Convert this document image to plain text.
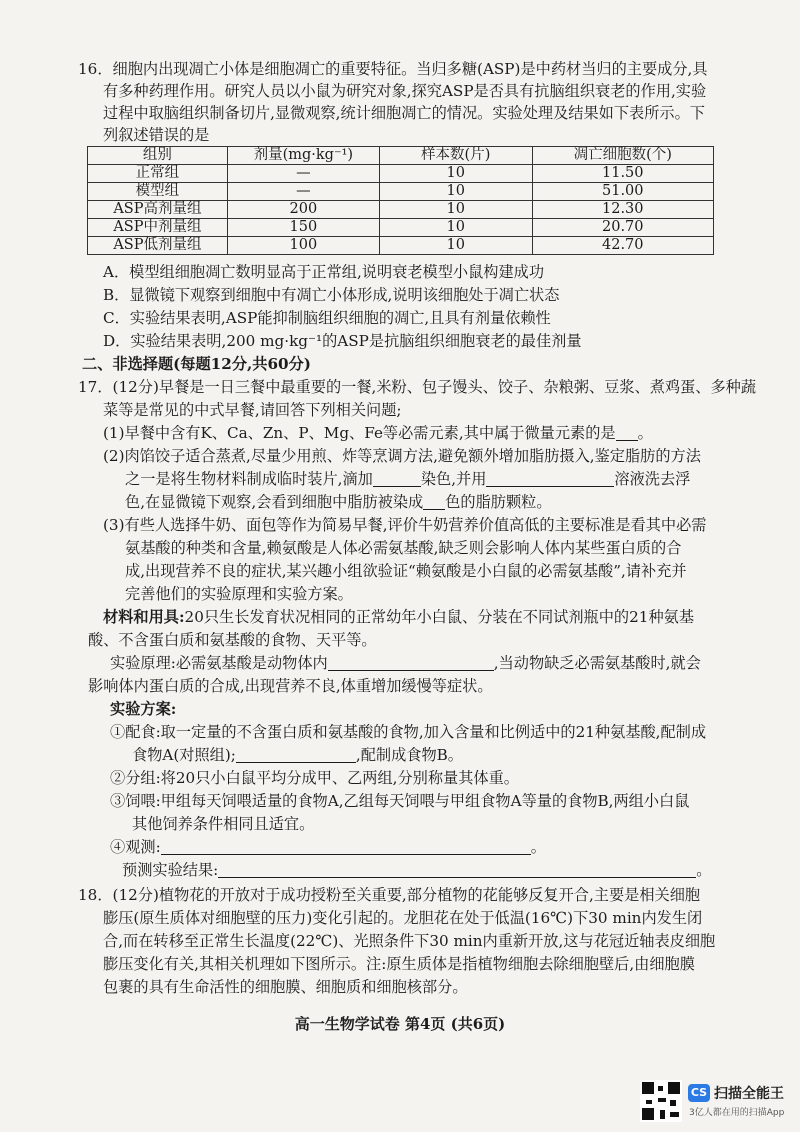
16．细胞内出现凋亡小体是细胞凋亡的重要特征。当归多糖(ASP)是中药材当归的主要成分,具
有多种药理作用。研究人员以小鼠为研究对象,探究ASP是否具有抗脑组织衰老的作用,实验
过程中取脑组织制备切片,显微观察,统计细胞凋亡的情况。实验处理及结果如下表所示。下
列叙述错误的是
组别	剂量(mg·kg⁻¹)	样本数(片)	凋亡细胞数(个)
正常组	—	10	11.50
模型组	—	10	51.00
ASP高剂量组	200	10	12.30
ASP中剂量组	150	10	20.70
ASP低剂量组	100	10	42.70
A．模型组细胞凋亡数明显高于正常组,说明衰老模型小鼠构建成功
B．显微镜下观察到细胞中有凋亡小体形成,说明该细胞处于凋亡状态
C．实验结果表明,ASP能抑制脑组织细胞的凋亡,且具有剂量依赖性
D．实验结果表明,200 mg·kg⁻¹的ASP是抗脑组织细胞衰老的最佳剂量
二、非选择题(每题12分,共60分)
17．(12分)早餐是一日三餐中最重要的一餐,米粉、包子馒头、饺子、杂粮粥、豆浆、煮鸡蛋、多种蔬
菜等是常见的中式早餐,请回答下列相关问题;
(1)早餐中含有K、Ca、Zn、P、Mg、Fe等必需元素,其中属于微量元素的是 。
(2)肉馅饺子适合蒸煮,尽量少用煎、炸等烹调方法,避免额外增加脂肪摄入,鉴定脂肪的方法
之一是将生物材料制成临时装片,滴加	染色,并用	溶液洗去浮
色,在显微镜下观察,会看到细胞中脂肪被染成 色的脂肪颗粒。
(3)有些人选择牛奶、面包等作为简易早餐,评价牛奶营养价值高低的主要标准是看其中必需
氨基酸的种类和含量,赖氨酸是人体必需氨基酸,缺乏则会影响人体内某些蛋白质的合
成,出现营养不良的症状,某兴趣小组欲验证“赖氨酸是小白鼠的必需氨基酸”,请补充并
完善他们的实验原理和实验方案。
材料和用具:20只生长发育状况相同的正常幼年小白鼠、分装在不同试剂瓶中的21种氨基
酸、不含蛋白质和氨基酸的食物、天平等。
实验原理:必需氨基酸是动物体内	,当动物缺乏必需氨基酸时,就会
影响体内蛋白质的合成,出现营养不良,体重增加缓慢等症状。
实验方案:
①配食:取一定量的不含蛋白质和氨基酸的食物,加入含量和比例适中的21种氨基酸,配制成
食物A(对照组);	,配制成食物B。
②分组:将20只小白鼠平均分成甲、乙两组,分别称量其体重。
③饲喂:甲组每天饲喂适量的食物A,乙组每天饲喂与甲组食物A等量的食物B,两组小白鼠
其他饲养条件相同且适宜。
④观测:	。
预测实验结果:	。
18．(12分)植物花的开放对于成功授粉至关重要,部分植物的花能够反复开合,主要是相关细胞
膨压(原生质体对细胞壁的压力)变化引起的。龙胆花在处于低温(16℃)下30 min内发生闭
合,而在转移至正常生长温度(22℃)、光照条件下30 min内重新开放,这与花冠近轴表皮细胞
膨压变化有关,其相关机理如下图所示。注:原生质体是指植物细胞去除细胞壁后,由细胞膜
包裹的具有生命活性的细胞膜、细胞质和细胞核部分。
高一生物学试卷 第4页 (共6页)
CS 扫描全能王
3亿人都在用的扫描App
